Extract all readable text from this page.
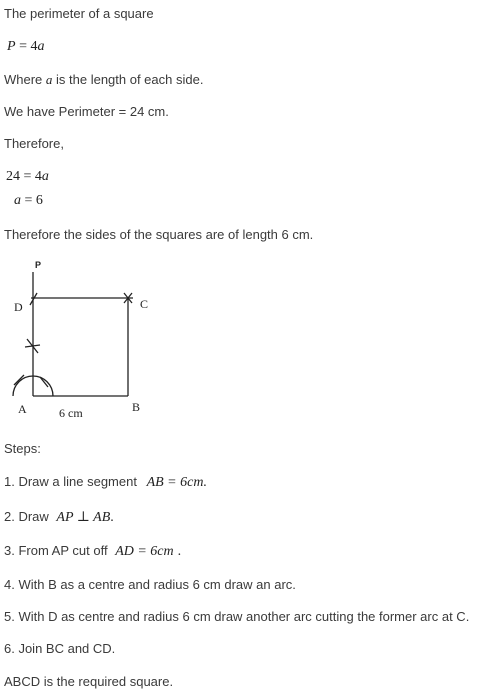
The perimeter of a square
P = 4a
Where a is the length of each side.
We have Perimeter = 24 cm.
Therefore,
24 = 4a
a = 6
Therefore the sides of the squares are of length 6 cm.
P
D	C
A	B
6 cm
Steps:
1. Draw a line segment AB = 6cm.
2. Draw AP ⊥ AB.
3. From AP cut off AD = 6cm .
4. With B as a centre and radius 6 cm draw an arc.
5. With D as centre and radius 6 cm draw another arc cutting the former arc at C.
6. Join BC and CD.
ABCD is the required square.
